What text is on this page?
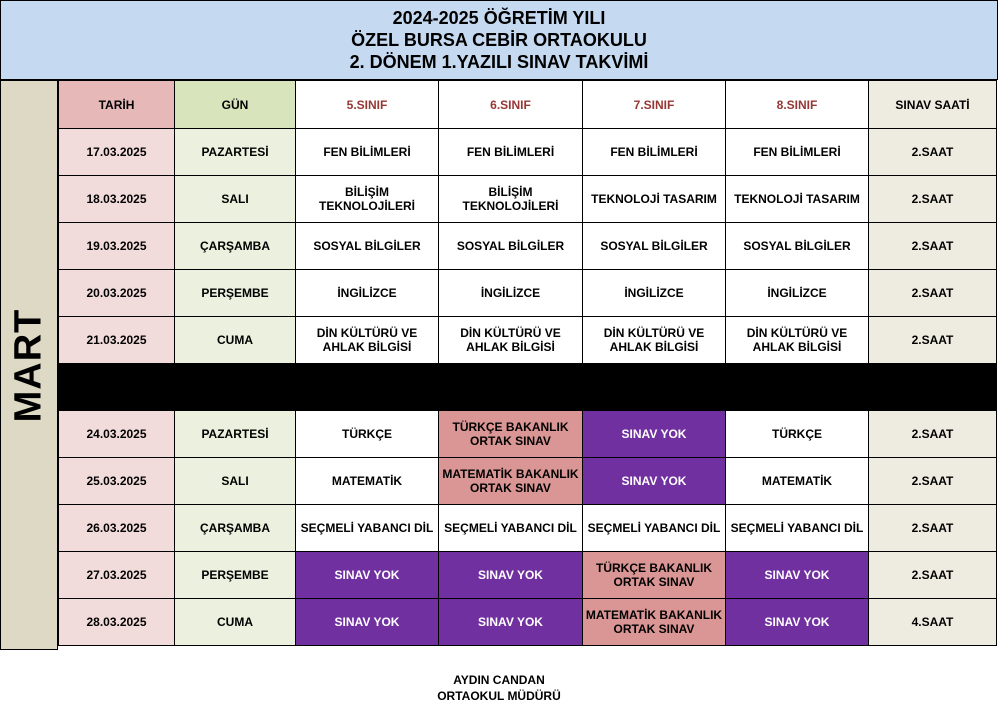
2024-2025 ÖĞRETİM YILI
ÖZEL BURSA CEBİR ORTAOKULU
2. DÖNEM 1.YAZILI SINAV TAKVİMİ
MART
TARİH	GÜN	5.SINIF	6.SINIF	7.SINIF	8.SINIF	SINAV SAATİ
17.03.2025	PAZARTESİ	FEN BİLİMLERİ	FEN BİLİMLERİ	FEN BİLİMLERİ	FEN BİLİMLERİ	2.SAAT
18.03.2025	SALI	BİLİŞİM TEKNOLOJİLERİ	BİLİŞİM TEKNOLOJİLERİ	TEKNOLOJİ TASARIM	TEKNOLOJİ TASARIM	2.SAAT
19.03.2025	ÇARŞAMBA	SOSYAL BİLGİLER	SOSYAL BİLGİLER	SOSYAL BİLGİLER	SOSYAL BİLGİLER	2.SAAT
20.03.2025	PERŞEMBE	İNGİLİZCE	İNGİLİZCE	İNGİLİZCE	İNGİLİZCE	2.SAAT
21.03.2025	CUMA	DİN KÜLTÜRÜ VE AHLAK BİLGİSİ	DİN KÜLTÜRÜ VE AHLAK BİLGİSİ	DİN KÜLTÜRÜ VE AHLAK BİLGİSİ	DİN KÜLTÜRÜ VE AHLAK BİLGİSİ	2.SAAT

24.03.2025	PAZARTESİ	TÜRKÇE	TÜRKÇE BAKANLIK ORTAK SINAV	SINAV YOK	TÜRKÇE	2.SAAT
25.03.2025	SALI	MATEMATİK	MATEMATİK BAKANLIK ORTAK SINAV	SINAV YOK	MATEMATİK	2.SAAT
26.03.2025	ÇARŞAMBA	SEÇMELİ YABANCI DİL	SEÇMELİ YABANCI DİL	SEÇMELİ YABANCI DİL	SEÇMELİ YABANCI DİL	2.SAAT
27.03.2025	PERŞEMBE	SINAV YOK	SINAV YOK	TÜRKÇE BAKANLIK ORTAK SINAV	SINAV YOK	2.SAAT
28.03.2025	CUMA	SINAV YOK	SINAV YOK	MATEMATİK BAKANLIK ORTAK SINAV	SINAV YOK	4.SAAT
AYDIN CANDAN
ORTAOKUL MÜDÜRÜ
